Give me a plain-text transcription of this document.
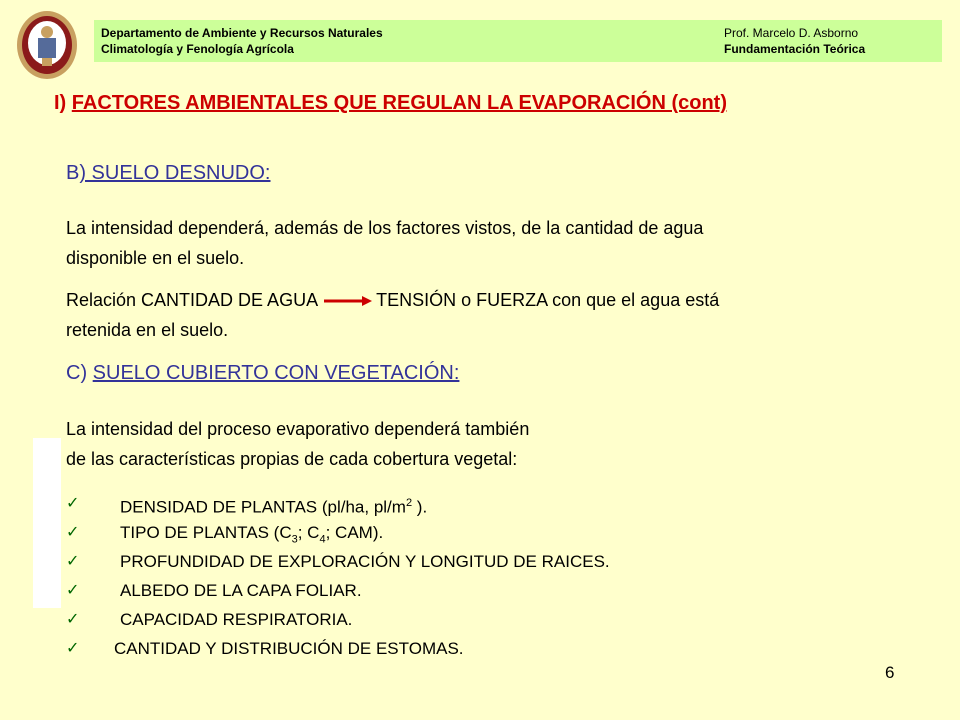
Departamento de Ambiente y Recursos Naturales
Climatología y Fenología Agrícola
Prof. Marcelo D. Asborno
Fundamentación Teórica
I) FACTORES AMBIENTALES QUE REGULAN LA EVAPORACIÓN (cont)
B) SUELO DESNUDO:
La intensidad dependerá, además de los factores vistos, de la cantidad de agua
disponible en el suelo.
Relación CANTIDAD DE AGUA	TENSIÓN o FUERZA con que el agua está
retenida en el suelo.
C) SUELO CUBIERTO CON VEGETACIÓN:
La intensidad del proceso evaporativo dependerá también
de las características propias de cada cobertura vegetal:
✓ DENSIDAD DE PLANTAS (pl/ha, $pl/m^2$ ).
✓ TIPO DE PLANTAS ($C_3$; $C_4$; CAM).
✓ PROFUNDIDAD DE EXPLORACIÓN Y LONGITUD DE RAICES.
✓ ALBEDO DE LA CAPA FOLIAR.
✓ CAPACIDAD RESPIRATORIA.
✓ CANTIDAD Y DISTRIBUCIÓN DE ESTOMAS.
6
